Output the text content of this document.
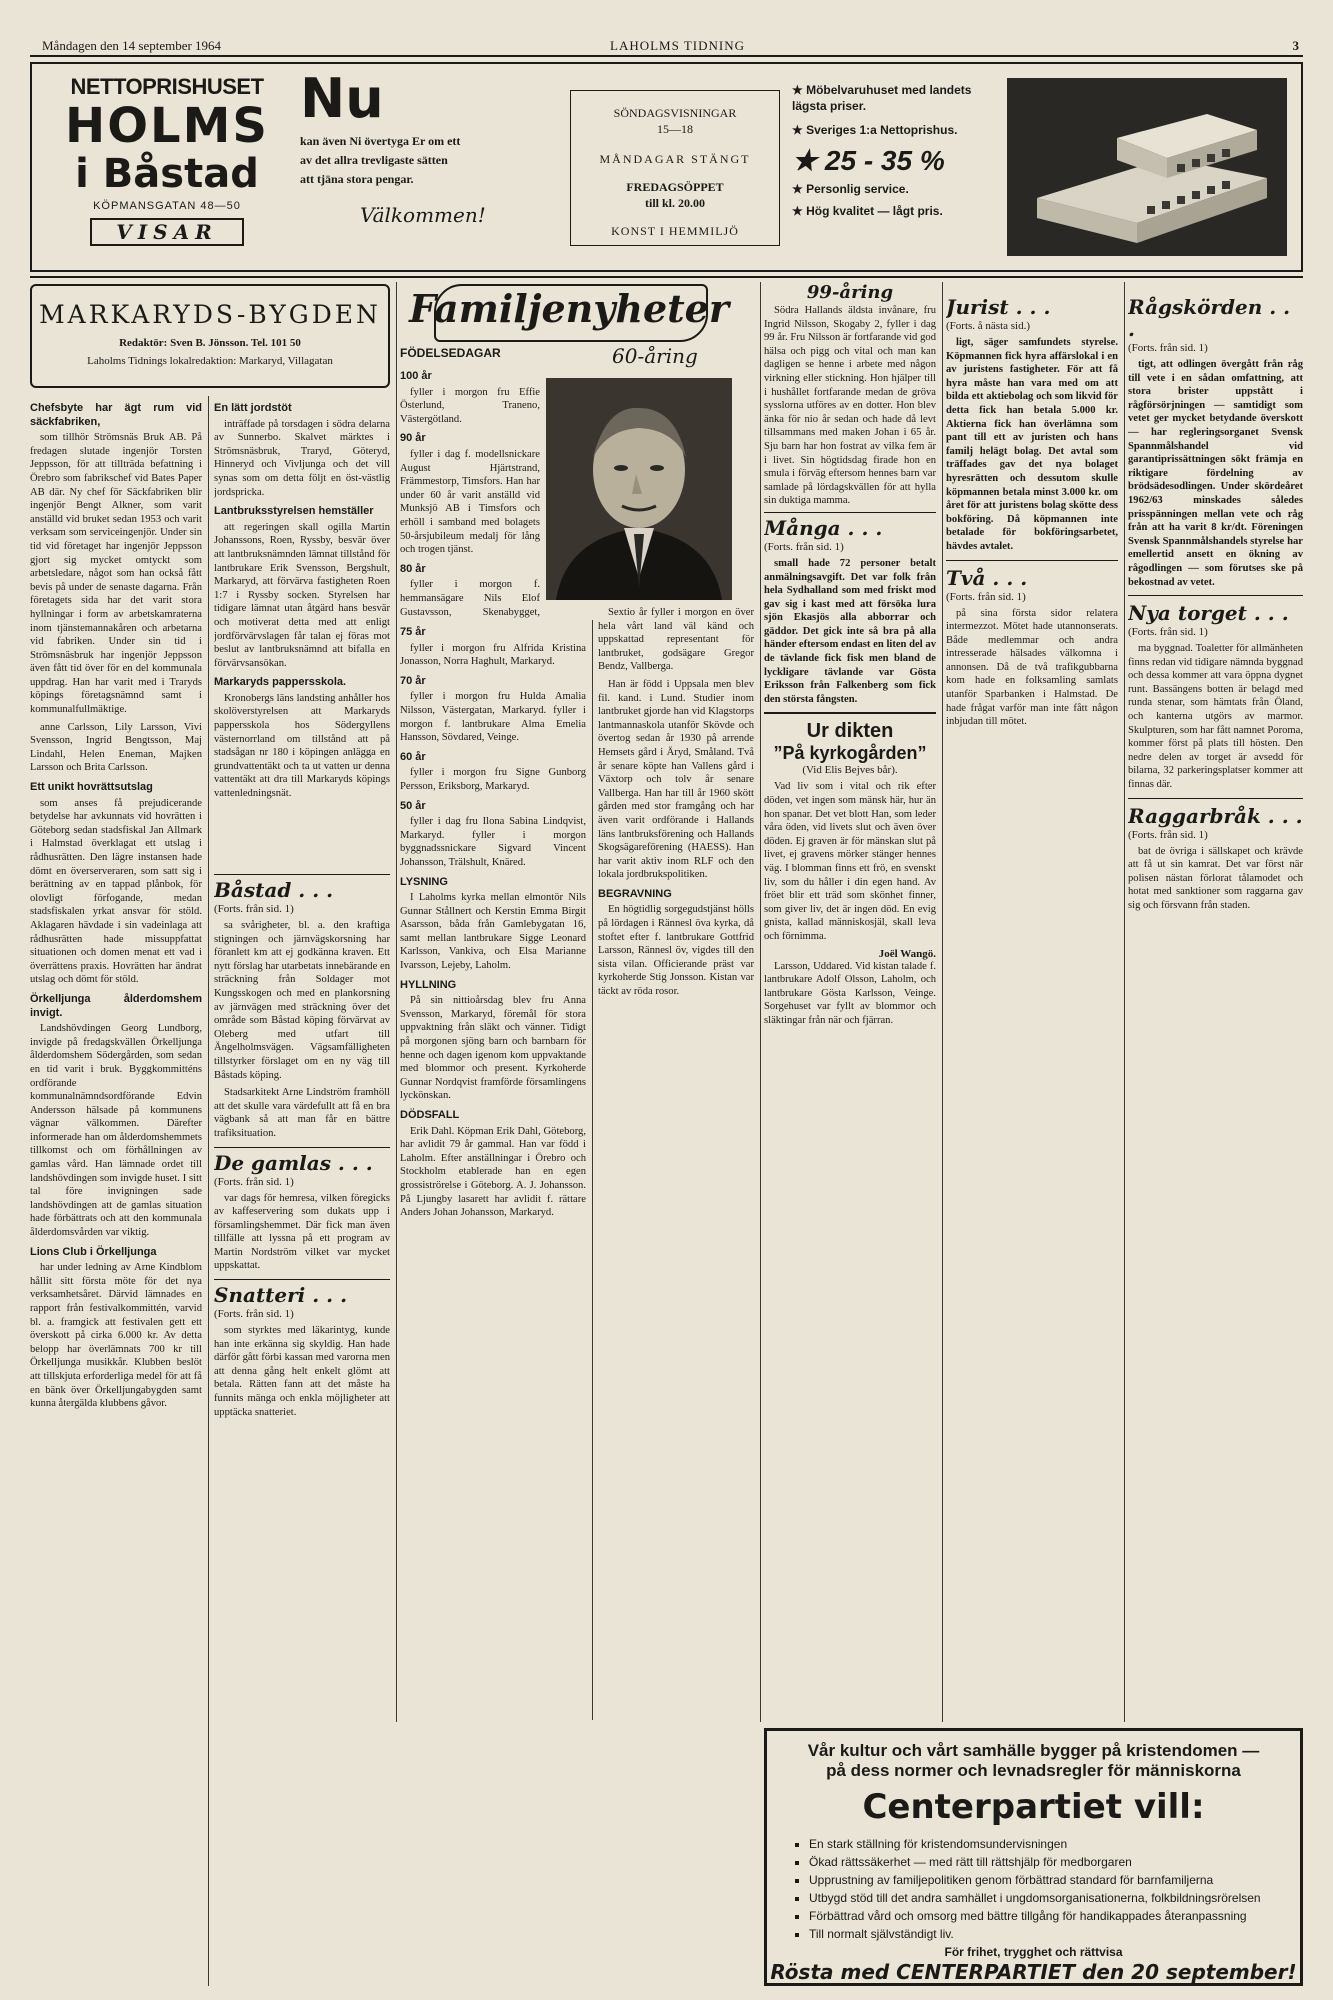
Måndagen den 14 september 1964	LAHOLMS TIDNING	3
NETTOPRISHUSET
HOLMS
i Båstad
KÖPMANSGATAN 48—50
VISAR
Nu
kan även Ni övertyga Er om ett
av det allra trevligaste sätten
att tjäna stora pengar.
Välkommen!
SÖNDAGSVISNINGAR
15—18
MÅNDAGAR STÄNGT
FREDAGSÖPPET
till kl. 20.00
KONST I HEMMILJÖ
★ Möbelvaruhuset med landets lägsta priser.
★ Sveriges 1:a Nettoprishus.
★ 25 - 35 %
★ Personlig service.
★ Hög kvalitet — lågt pris.
MARKARYDS-BYGDEN
Redaktör: Sven B. Jönsson. Tel. 101 50
Laholms Tidnings lokalredaktion: Markaryd, Villagatan
Chefsbyte har ägt rum vid säckfabriken,

som tillhör Strömsnäs Bruk AB. På fredagen slutade ingenjör Torsten Jeppsson, för att tillträda befattning i Örebro som fabrikschef vid Bates Paper AB där. Ny chef för Säckfabriken blir ingenjör Bengt Alkner, som varit anställd vid bruket sedan 1953 och varit verksam som serviceingenjör. Under sin tid vid företaget har ingenjör Jeppsson gjort sig mycket omtyckt som arbetsledare, något som han också fått bevis på under de senaste dagarna. Från företagets sida har det varit stora hyllningar i form av arbetskamraterna inom tjänstemannakåren och arbetarna vid fabriken. Under sin tid i Strömsnäsbruk har ingenjör Jeppsson även fått tid över för en del kommunala uppdrag. Han har varit med i Traryds köpings företagsnämnd samt i kommunalfullmäktige.

anne Carlsson, Lily Larsson, Vivi Svensson, Ingrid Bengtsson, Maj Lindahl, Helen Eneman, Majken Larsson och Brita Carlsson.

Ett unikt hovrättsutslag

som anses få prejudicerande betydelse har avkunnats vid hovrätten i Göteborg sedan stadsfiskal Jan Allmark i Halmstad överklagat ett utslag i rådhusrätten. Den lägre instansen hade dömt en överserveraren, som satt sig i berättning av en tappad plånbok, för olovligt förfogande, medan stadsfiskalen yrkat ansvar för stöld. Aklagaren hävdade i sin vadeinlaga att rådhusrätten hade missuppfattat situationen och domen menat ett vad i överrättens praxis. Hovrätten har ändrat utslag och dömt för stöld.

Örkelljunga ålderdomshem invigt.

Landshövdingen Georg Lundborg, invigde på fredagskvällen Örkelljunga ålderdomshem Södergården, som sedan en tid varit i bruk. Byggkommitténs ordförande kommunalnämndsordförande Edvin Andersson hälsade på kommunens vägnar välkommen. Därefter informerade han om ålderdomshemmets tillkomst och om förhållningen av gamlas vård. Han lämnade ordet till landshövdingen som invigde huset. I sitt tal före invigningen sade landshövdingen att de gamlas situation hade förbättrats och att den kommunala ålderdomsvården var viktig.

Lions Club i Örkelljunga

har under ledning av Arne Kindblom hållit sitt första möte för det nya verksamhetsåret. Därvid lämnades en rapport från festivalkommittén, varvid bl. a. framgick att festivalen gett ett överskott på cirka 6.000 kr. Av detta belopp har överlämnats 700 kr till Örkelljunga musikkår. Klubben beslöt att tillskjuta erforderliga medel för att få en bänk över Örkelljungabygden samt kunna återgälda klubbens gåvor.

En lätt jordstöt

inträffade på torsdagen i södra delarna av Sunnerbo. Skalvet märktes i Strömsnäsbruk, Traryd, Göteryd, Hinneryd och Vivljunga och det vill synas som om detta följt en öst-västlig jordspricka.

Lantbruksstyrelsen hemställer

att regeringen skall ogilla Martin Johanssons, Roen, Ryssby, besvär över att lantbruksnämnden lämnat tillstånd för lantbrukare Erik Svensson, Bergshult, Markaryd, att förvärva fastigheten Roen 1:7 i Ryssby socken. Styrelsen har tidigare lämnat utan åtgärd hans besvär och motiverat detta med att enligt jordförvärvslagen får talan ej föras mot beslut av lantbruksnämnd att bifalla en förvärvsansökan.

Markaryds pappersskola.

Kronobergs läns landsting anhåller hos skolöverstyrelsen att Markaryds pappersskola hos Södergyllens västernorrland om tillstånd att på stadsågan nr 180 i köpingen anlägga en grundvattentäkt och ta ut vatten ur denna vattentäkt att dra till Markaryds köpings vattenledningsnät.

Båstad . . .
(Forts. från sid. 1)

sa svårigheter, bl. a. den kraftiga stigningen och järnvägskorsning har föranlett km att ej godkänna kraven. Ett nytt förslag har utarbetats innebärande en sträckning från Soldager mot Kungsskogen och med en plankorsning av järnvägen med sträckning över det område som Båstad köping förvärvat av Oleberg med utfart till Ängelholmsvägen. Vägsamfälligheten tillstyrker förslaget om en ny väg till Båstads köping.

Stadsarkitekt Arne Lindström framhöll att det skulle vara värdefullt att få en bra vägbank så att man får en bättre trafiksituation.

De gamlas . . .
(Forts. från sid. 1)

var dags för hemresa, vilken föregicks av kaffeservering som dukats upp i församlingshemmet. Där fick man även tillfälle att lyssna på ett program av Martin Nordström vilket var mycket uppskattat.

Snatteri . . .
(Forts. från sid. 1)

som styrktes med läkarintyg, kunde han inte erkänna sig skyldig. Han hade därför gått förbi kassan med varorna men att denna gång helt enkelt glömt att betala. Rätten fann att det måste ha funnits mänga och enkla möjligheter att upptäcka snatteriet.

Familjenyheter
FÖDELSEDAGAR	60-åring
100 år

fyller i morgon fru Effie Österlund, Traneno, Västergötland.

90 år

fyller i dag f. modellsnickare August Hjärtstrand, Främmestorp, Timsfors. Han har under 60 år varit anställd vid Munksjö AB i Timsfors och erhöll i samband med bolagets 50-årsjubileum medalj för lång och trogen tjänst.

80 år

fyller i morgon f. hemmansägare Nils Elof Gustavsson, Skenabygget,

75 år

fyller i morgon fru Alfrida Kristina Jonasson, Norra Haghult, Markaryd.

70 år

fyller i morgon fru Hulda Amalia Nilsson, Västergatan, Markaryd. fyller i morgon f. lantbrukare Alma Emelia Hansson, Sövdared, Veinge.

60 år

fyller i morgon fru Signe Gunborg Persson, Eriksborg, Markaryd.

50 år

fyller i dag fru Ilona Sabina Lindqvist, Markaryd. fyller i morgon byggnadssnickare Sigvard Vincent Johansson, Trälshult, Knäred.

LYSNING

I Laholms kyrka mellan elmontör Nils Gunnar Stållnert och Kerstin Emma Birgit Asarsson, båda från Gamlebygatan 16, samt mellan lantbrukare Sigge Leonard Karlsson, Vankiva, och Elsa Marianne Ivarsson, Lejeby, Laholm.

HYLLNING

På sin nittioårsdag blev fru Anna Svensson, Markaryd, föremål för stora uppvaktning från släkt och vänner. Tidigt på morgonen sjöng barn och barnbarn för henne och dagen igenom kom uppvaktande med blommor och present. Kyrkoherde Gunnar Nordqvist framförde församlingens lyckönskan.

DÖDSFALL

Erik Dahl. Köpman Erik Dahl, Göteborg, har avlidit 79 år gammal. Han var född i Laholm. Efter anställningar i Örebro och Stockholm etablerade han en egen grossiströrelse i Göteborg. A. J. Johansson. På Ljungby lasarett har avlidit f. rättare Anders Johan Johansson, Markaryd.

Sextio år fyller i morgon en över hela vårt land väl känd och uppskattad representant för lantbruket, godsägare Gregor Bendz, Vallberga.

Han är född i Uppsala men blev fil. kand. i Lund. Studier inom lantbruket gjorde han vid Klagstorps lantmannaskola utanför Skövde och övertog sedan år 1930 på arrende Hemsets gård i Äryd, Småland. Två år senare köpte han Vallens gård i Växtorp och tolv år senare Vallberga. Han har till år 1960 skött gården med stor framgång och har även varit ordförande i Hallands läns lantbruksförening och Hallands Skogsägareförening (HAESS). Han har varit aktiv inom RLF och den lokala jordbrukspolitiken.

BEGRAVNING

En högtidlig sorgegudstjänst hölls på lördagen i Rännesl öva kyrka, då stoftet efter f. lantbrukare Gottfrid Larsson, Rännesl öv, vigdes till den sista vilan. Officierande präst var kyrkoherde Stig Jonsson. Kistan var täckt av röda rosor.

99-åring

Södra Hallands äldsta invånare, fru Ingrid Nilsson, Skogaby 2, fyller i dag 99 år. Fru Nilsson är fortfarande vid god hälsa och pigg och vital och man kan dagligen se henne i arbete med någon virkning eller stickning. Hon hjälper till i hushållet fortfarande medan de gröva sysslorna utföres av en dotter. Hon blev änka för nio år sedan och hade då levt tillsammans med maken Johan i 65 år. Sju barn har hon fostrat av vilka fem är i livet. Sin högtidsdag firade hon en smula i förväg eftersom hennes barn var samlade på lördagskvällen för att hylla sin duktiga mamma.

Många . . .
(Forts. från sid. 1)

small hade 72 personer betalt anmälningsavgift. Det var folk från hela Sydhalland som med friskt mod gav sig i kast med att försöka lura sjön Ekasjös alla abborrar och gäddor. Det gick inte så bra på alla händer eftersom endast en liten del av de tävlande fick fisk men bland de lyckligare tävlande var Gösta Eriksson från Falkenberg som fick den största fångsten.

Ur dikten
”På kyrkogården”
(Vid Elis Bejves bår).

Vad liv som i vital och rik efter döden, vet ingen som mänsk här, hur än hon spanar. Det vet blott Han, som leder våra öden, vid livets slut och även över döden. Ej graven är för mänskan slut på livet, ej gravens mörker stänger hennes väg. I blomman finns ett frö, en svenskt liv, som du håller i din egen hand. Av fröet blir ett träd som skönhet finner, som giver liv, det är ingen död. En evig gnista, kallad människosjäl, skall leva och förnimma.

Joël Wangö.

Larsson, Uddared. Vid kistan talade f. lantbrukare Adolf Olsson, Laholm, och lantbrukare Gösta Karlsson, Veinge. Sorgehuset var fyllt av blommor och släktingar från när och fjärran.

Jurist . . .
(Forts. å nästa sid.)

ligt, säger samfundets styrelse. Köpmannen fick hyra affärslokal i en av juristens fastigheter. För att få hyra måste han vara med om att bilda ett aktiebolag och som likvid för detta fick han betala 5.000 kr. Aktierna fick han överlämna som pant till ett av juristen och hans familj helägt bolag. Det avtal som träffades gav det nya bolaget hyresrätten och dessutom skulle köpmannen betala minst 3.000 kr. om året för att juristens bolag skötte dess bokföring. Då köpmannen inte betalade för bokföringsarbetet, hävdes avtalet.

Två . . .
(Forts. från sid. 1)

på sina första sidor relatera intermezzot. Mötet hade utannonserats. Både medlemmar och andra intresserade hälsades välkomna i annonsen. Då de två trafikgubbarna kom hade en folksamling samlats utanför Sparbanken i Halmstad. De hade frågat varför man inte fått någon inbjudan till mötet.

Rågskörden . . .
(Forts. från sid. 1)

tigt, att odlingen övergått från råg till vete i en sådan omfattning, att stora brister uppstått i rågförsörjningen — samtidigt som vetet ger mycket betydande överskott — har regleringsorganet Svensk Spannmålshandel vid garantiprissättningen sökt främja en riktigare fördelning av brödsädesodlingen. Under skördeåret 1962/63 minskades således prisspänningen mellan vete och råg från att ha varit 8 kr/dt. Föreningen Svensk Spannmålshandels styrelse har emellertid ansett en ökning av rågodlingen — som förutses ske på bekostnad av vetet.

Nya torget . . .
(Forts. från sid. 1)

ma byggnad. Toaletter för allmänheten finns redan vid tidigare nämnda byggnad och dessa kommer att vara öppna dygnet runt. Bassängens botten är belagd med runda stenar, som hämtats från Öland, och kanterna utgörs av marmor. Skulpturen, som har fått namnet Poroma, kommer först på plats till hösten. Den nedre delen av torget är avsedd för bilarna, 32 parkeringsplatser kommer att finnas där.

Raggarbråk . . .
(Forts. från sid. 1)

bat de övriga i sällskapet och krävde att få ut sin kamrat. Det var först när polisen nästan förlorat tålamodet och hotat med sanktioner som raggarna gav sig och försvann från staden.

Vår kultur och vårt samhälle bygger på kristendomen —
på dess normer och levnadsregler för människorna
Centerpartiet vill:
▪ En stark ställning för kristendomsundervisningen
▪ Ökad rättssäkerhet — med rätt till rättshjälp för medborgaren
▪ Upprustning av familjepolitiken genom förbättrad standard för barnfamiljerna
▪ Utbygd stöd till det andra samhället i ungdomsorganisationerna, folkbildningsrörelsen
▪ Förbättrad vård och omsorg med bättre tillgång för handikappades återanpassning
▪ Till normalt självständigt liv.
För frihet, trygghet och rättvisa
Rösta med CENTERPARTIET den 20 september!
